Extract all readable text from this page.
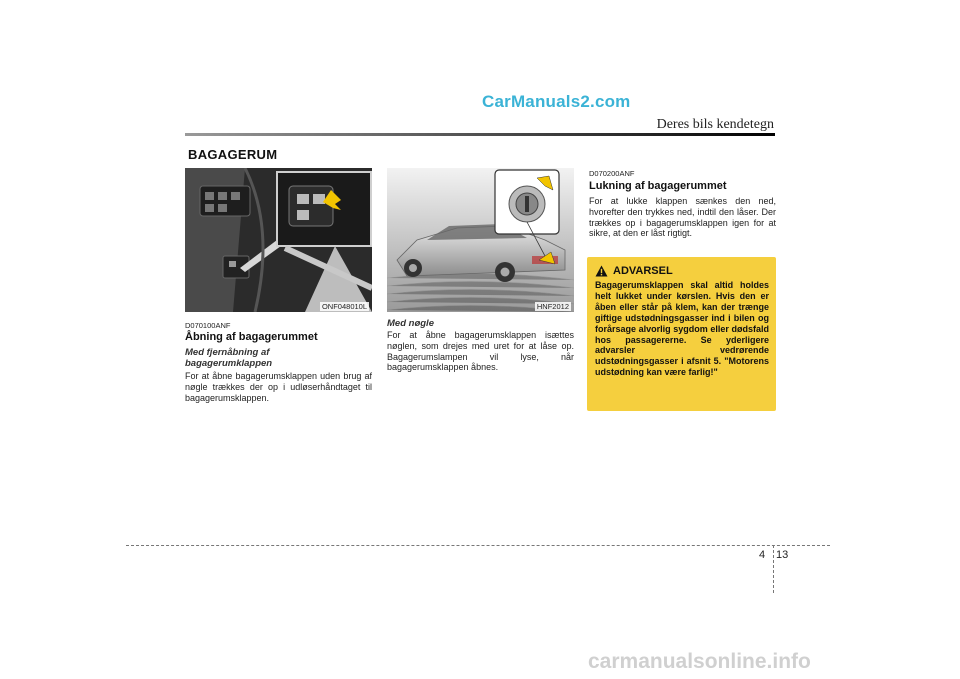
CarManuals2.com
Deres bils kendetegn
BAGAGERUM
ONF048010L
D070100ANF
Åbning af bagagerummet
Med fjernåbning af bagagerumklappen
For at åbne bagagerumsklappen uden brug af nøgle trækkes der op i udløserhåndtaget til bagagerumsklappen.
HNF2012
Med nøgle
For at åbne bagagerumsklappen isættes nøglen, som drejes med uret for at låse op. Bagagerumslampen vil lyse, når bagagerumsklappen åbnes.
D070200ANF
Lukning af bagagerummet
For at lukke klappen sænkes den ned, hvorefter den trykkes ned, indtil den låser. Der trækkes op i bagagerumsklappen igen for at sikre, at den er låst rigtigt.
ADVARSEL
Bagagerumsklappen skal altid holdes helt lukket under kørslen. Hvis den er åben eller står på klem, kan der trænge giftige udstødningsgasser ind i bilen og forårsage alvorlig sygdom eller dødsfald hos passagererne. Se yderligere advarsler vedrørende udstødningsgasser i afsnit 5. "Motorens udstødning kan være farlig!"
4 13
carmanualsonline.info
